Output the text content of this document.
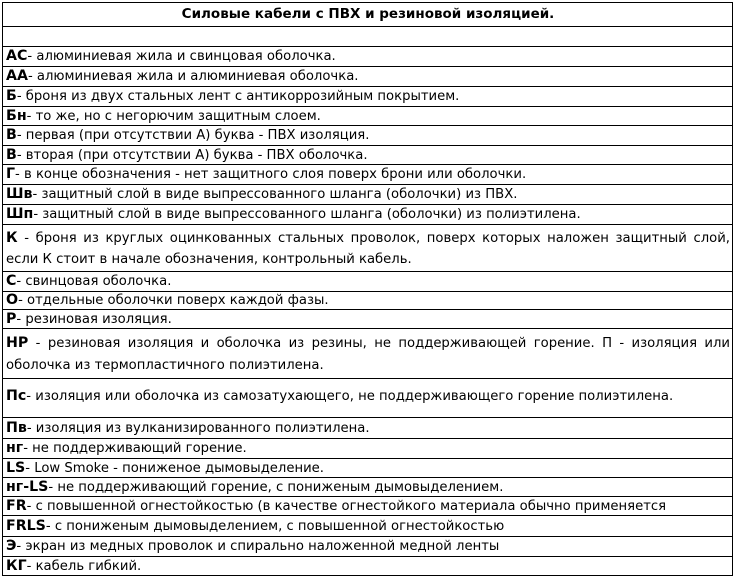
Силовые кабели с ПВХ и резиновой изоляцией.
АС - алюминиевая жила и свинцовая оболочка.
АА - алюминиевая жила и алюминиевая оболочка.
Б - броня из двух стальных лент с антикоррозийным покрытием.
Бн - то же, но с негорючим защитным слоем.
В - первая (при отсутствии А) буква - ПВХ изоляция.
В - вторая (при отсутствии А) буква - ПВХ оболочка.
Г - в конце обозначения - нет защитного слоя поверх брони или оболочки.
Шв - защитный слой в виде выпрессованного шланга (оболочки) из ПВХ.
Шп - защитный слой в виде выпрессованного шланга (оболочки) из полиэтилена.
К - броня из круглых оцинкованных стальных проволок, поверх которых наложен защитный слой, если К стоит в начале обозначения, контрольный кабель.
С - свинцовая оболочка.
О - отдельные оболочки поверх каждой фазы.
Р - резиновая изоляция.
НР - резиновая изоляция и оболочка из резины, не поддерживающей горение. П - изоляция или оболочка из термопластичного полиэтилена.
Пс - изоляция или оболочка из самозатухающего, не поддерживающего горение полиэтилена.
Пв - изоляция из вулканизированного полиэтилена.
нг - не поддерживающий горение.
LS - Low Smoke - пониженое дымовыделение.
нг-LS - не поддерживающий горение, с пониженым дымовыделением.
FR - с повышенной огнестойкостью (в качестве огнестойкого материала обычно применяется
FRLS - с пониженым дымовыделением, с повышенной огнестойкостью
Э - экран из медных проволок и спирально наложенной медной ленты
КГ - кабель гибкий.
